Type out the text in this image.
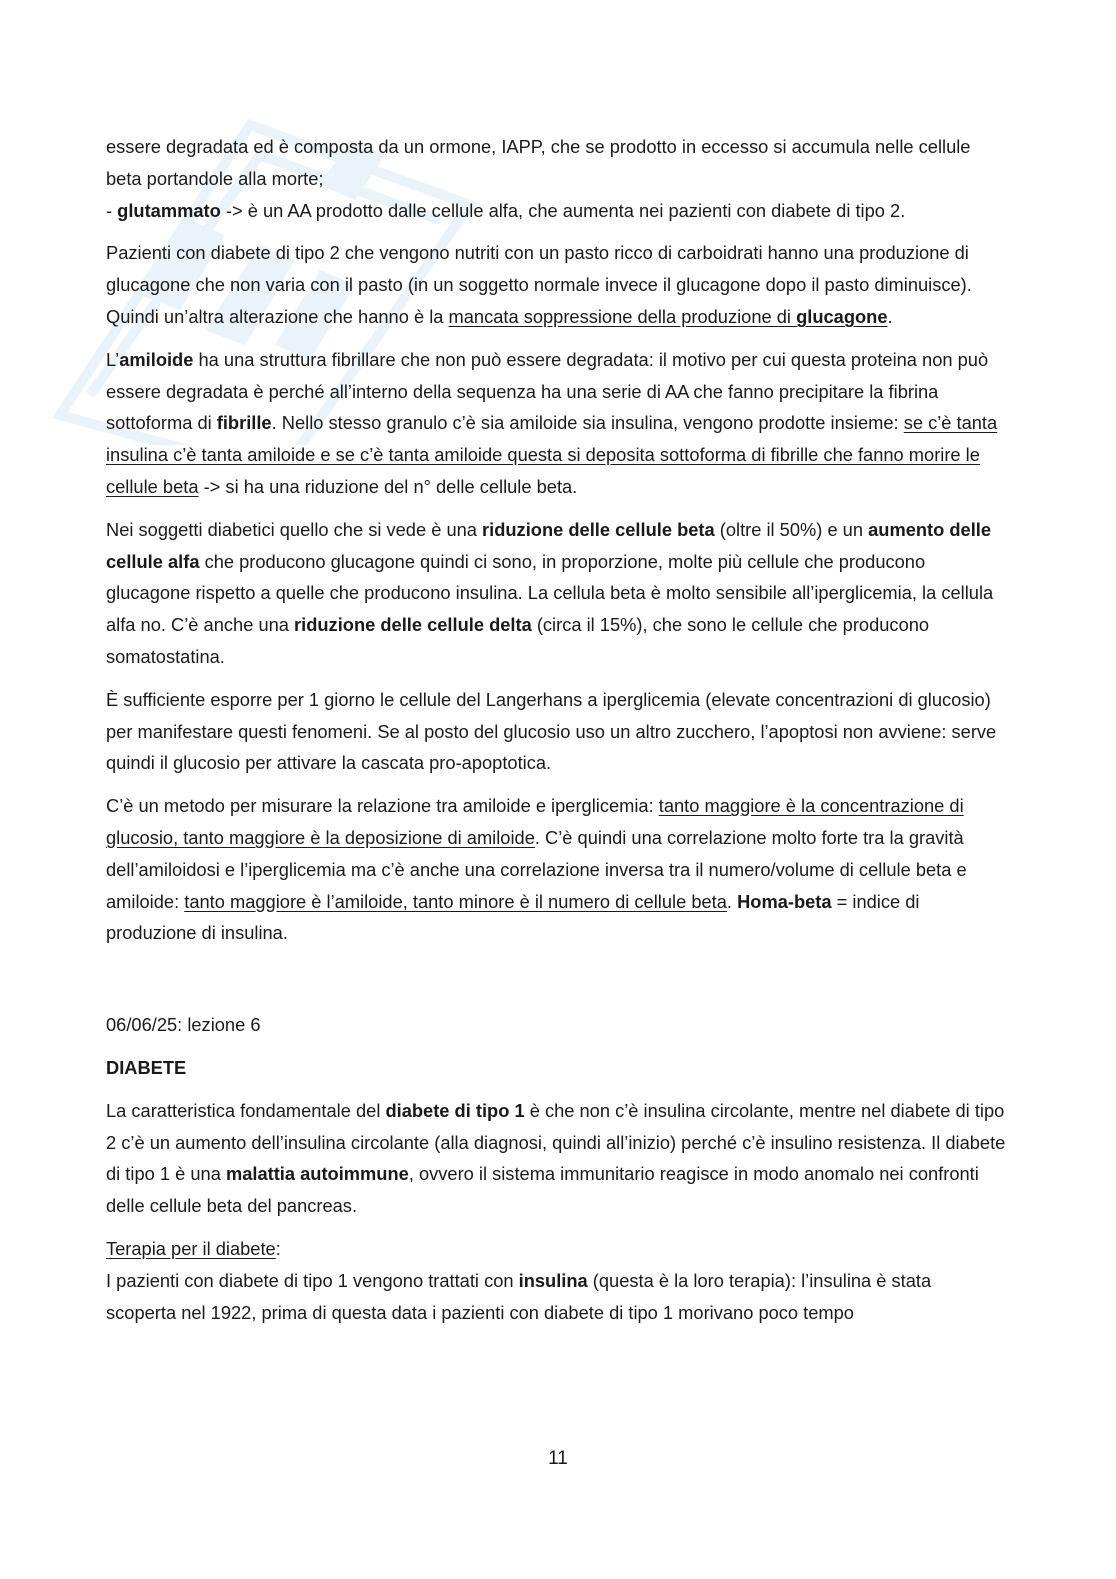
essere degradata ed è composta da un ormone, IAPP, che se prodotto in eccesso si accumula nelle cellule beta portandole alla morte;
- glutammato -> è un AA prodotto dalle cellule alfa, che aumenta nei pazienti con diabete di tipo 2.

Pazienti con diabete di tipo 2 che vengono nutriti con un pasto ricco di carboidrati hanno una produzione di glucagone che non varia con il pasto (in un soggetto normale invece il glucagone dopo il pasto diminuisce). Quindi un’altra alterazione che hanno è la mancata soppressione della produzione di glucagone.

L’amiloide ha una struttura fibrillare che non può essere degradata: il motivo per cui questa proteina non può essere degradata è perché all’interno della sequenza ha una serie di AA che fanno precipitare la fibrina sottoforma di fibrille. Nello stesso granulo c’è sia amiloide sia insulina, vengono prodotte insieme: se c’è tanta insulina c’è tanta amiloide e se c’è tanta amiloide questa si deposita sottoforma di fibrille che fanno morire le cellule beta -> si ha una riduzione del n° delle cellule beta.

Nei soggetti diabetici quello che si vede è una riduzione delle cellule beta (oltre il 50%) e un aumento delle cellule alfa che producono glucagone quindi ci sono, in proporzione, molte più cellule che producono glucagone rispetto a quelle che producono insulina. La cellula beta è molto sensibile all’iperglicemia, la cellula alfa no. C’è anche una riduzione delle cellule delta (circa il 15%), che sono le cellule che producono somatostatina.

È sufficiente esporre per 1 giorno le cellule del Langerhans a iperglicemia (elevate concentrazioni di glucosio) per manifestare questi fenomeni. Se al posto del glucosio uso un altro zucchero, l’apoptosi non avviene: serve quindi il glucosio per attivare la cascata pro-apoptotica.

C’è un metodo per misurare la relazione tra amiloide e iperglicemia: tanto maggiore è la concentrazione di glucosio, tanto maggiore è la deposizione di amiloide. C’è quindi una correlazione molto forte tra la gravità dell’amiloidosi e l’iperglicemia ma c’è anche una correlazione inversa tra il numero/volume di cellule beta e amiloide: tanto maggiore è l’amiloide, tanto minore è il numero di cellule beta. Homa-beta = indice di produzione di insulina.

06/06/25: lezione 6

DIABETE

La caratteristica fondamentale del diabete di tipo 1 è che non c’è insulina circolante, mentre nel diabete di tipo 2 c’è un aumento dell’insulina circolante (alla diagnosi, quindi all’inizio) perché c’è insulino resistenza. Il diabete di tipo 1 è una malattia autoimmune, ovvero il sistema immunitario reagisce in modo anomalo nei confronti delle cellule beta del pancreas.

Terapia per il diabete:
I pazienti con diabete di tipo 1 vengono trattati con insulina (questa è la loro terapia): l’insulina è stata scoperta nel 1922, prima di questa data i pazienti con diabete di tipo 1 morivano poco tempo

11
